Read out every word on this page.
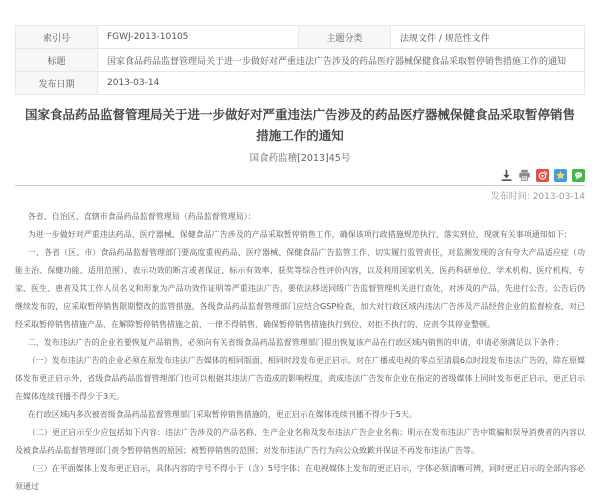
索引号	FGWJ-2013-10105	主题分类	法规文件 / 规范性文件
标题	国家食品药品监督管理局关于进一步做好对严重违法广告涉及的药品医疗器械保健食品采取暂停销售措施工作的通知		
发布日期	2013-03-14		
国家食品药品监督管理局关于进一步做好对严重违法广告涉及的药品医疗器械保健食品采取暂停销售措施工作的通知
国食药监稽[2013]45号
发布时间: 2013-03-14

各省、自治区、直辖市食品药品监督管理局（药品监督管理局）：

为进一步做好对严重违法药品、医疗器械、保健食品广告涉及的产品采取暂停销售工作，确保该项行政措施规范执行、落实到位，现就有关事项通知如下：

一、各省（区、市）食品药品监督管理部门要高度重视药品、医疗器械、保健食品广告监管工作，切实履行监管责任，对监测发现的含有夸大产品适应症（功能主治、保健功能、适用范围）、表示功效的断言或者保证、标示有效率、获奖等综合性评价内容，以及利用国家机关、医药科研单位、学术机构、医疗机构、专家、医生、患者及其工作人员名义和形象为产品功效作证明等严重违法广告，要依法移送同级广告监督管理机关进行查处，对涉及的产品，先进行公告，公告后仍继续发布的，应采取暂停销售限期整改的监管措施。各级食品药品监督管理部门应结合GSP检查，加大对行政区域内违法广告涉及产品经营企业的监督检查，对已经采取暂停销售措施产品，在解除暂停销售措施之前，一律不得销售，确保暂停销售措施执行到位，对拒不执行的，应责令其停业整顿。

二、发布违法广告的企业若要恢复产品销售，必须向有关省级食品药品监督管理部门提出恢复该产品在行政区域内销售的申请，申请必须满足以下条件：

（一）发布违法广告的企业必须在原发布违法广告媒体的相同版面、相同时段发布更正启示。对在广播或电视的零点至清晨6点时段发布违法广告的，除在原媒体发布更正启示外，省级食品药品监督管理部门也可以根据其违法广告造成的影响程度，责成违法广告发布企业在指定的省级媒体上同时发布更正启示，更正启示在媒体连续刊播不得少于3天。

在行政区域内多次被省级食品药品监督管理部门采取暂停销售措施的，更正启示在媒体连续刊播不得少于5天。

（二）更正启示至少应包括如下内容：违法广告涉及的产品名称、生产企业名称及发布违法广告企业名称；明示在发布违法广告中欺骗和误导消费者的内容以及被食品药品监督管理部门责令暂停销售的原因；被暂停销售的范围；对发布违法广告行为向公众致歉并保证不再发布违法广告等。

（三）在平面媒体上发布更正启示，具体内容的字号不得小于（含）5号字体；在电视媒体上发布的更正启示，字体必须清晰可辨，同时更正启示的全部内容必须通过
